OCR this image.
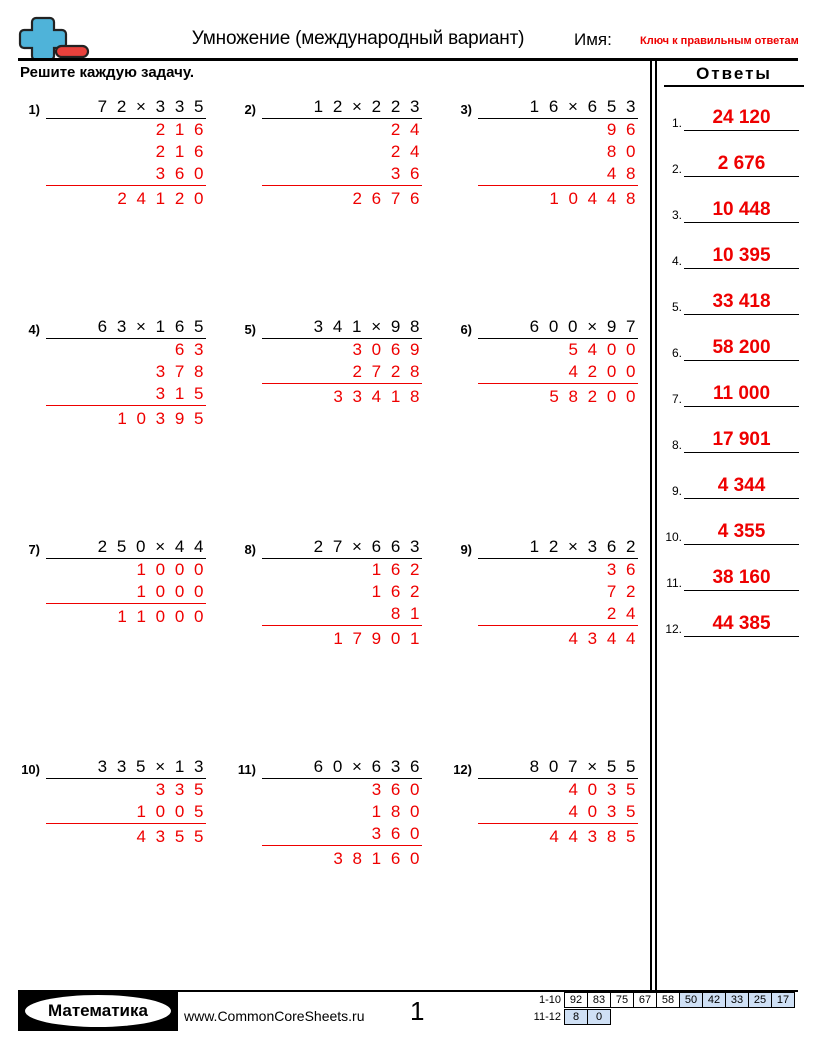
Умножение (международный вариант)	Имя:	Ключ к правильным ответам
Решите каждую задачу.
1)	7 2 × 3 3 5
2 1 6
2 1 6
3 6 0
2 4 1 2 0
2)	1 2 × 2 2 3
2 4
2 4
3 6
2 6 7 6
3)	1 6 × 6 5 3
9 6
8 0
4 8
1 0 4 4 8
4)	6 3 × 1 6 5
6 3
3 7 8
3 1 5
1 0 3 9 5
5)	3 4 1 × 9 8
3 0 6 9
2 7 2 8
3 3 4 1 8
6)	6 0 0 × 9 7
5 4 0 0
4 2 0 0
5 8 2 0 0
7)	2 5 0 × 4 4
1 0 0 0
1 0 0 0
1 1 0 0 0
8)	2 7 × 6 6 3
1 6 2
1 6 2
8 1
1 7 9 0 1
9)	1 2 × 3 6 2
3 6
7 2
2 4
4 3 4 4
10)	3 3 5 × 1 3
3 3 5
1 0 0 5
4 3 5 5
11)	6 0 × 6 3 6
3 6 0
1 8 0
3 6 0
3 8 1 6 0
12)	8 0 7 × 5 5
4 0 3 5
4 0 3 5
4 4 3 8 5
Ответы
1.	24 120
2.	2 676
3.	10 448
4.	10 395
5.	33 418
6.	58 200
7.	11 000
8.	17 901
9.	4 344
10.	4 355
11.	38 160
12.	44 385
Математика	www.CommonCoreSheets.ru 1	1-10 92 83 75 67 58 50 42 33 25 17
11-12	8	0
